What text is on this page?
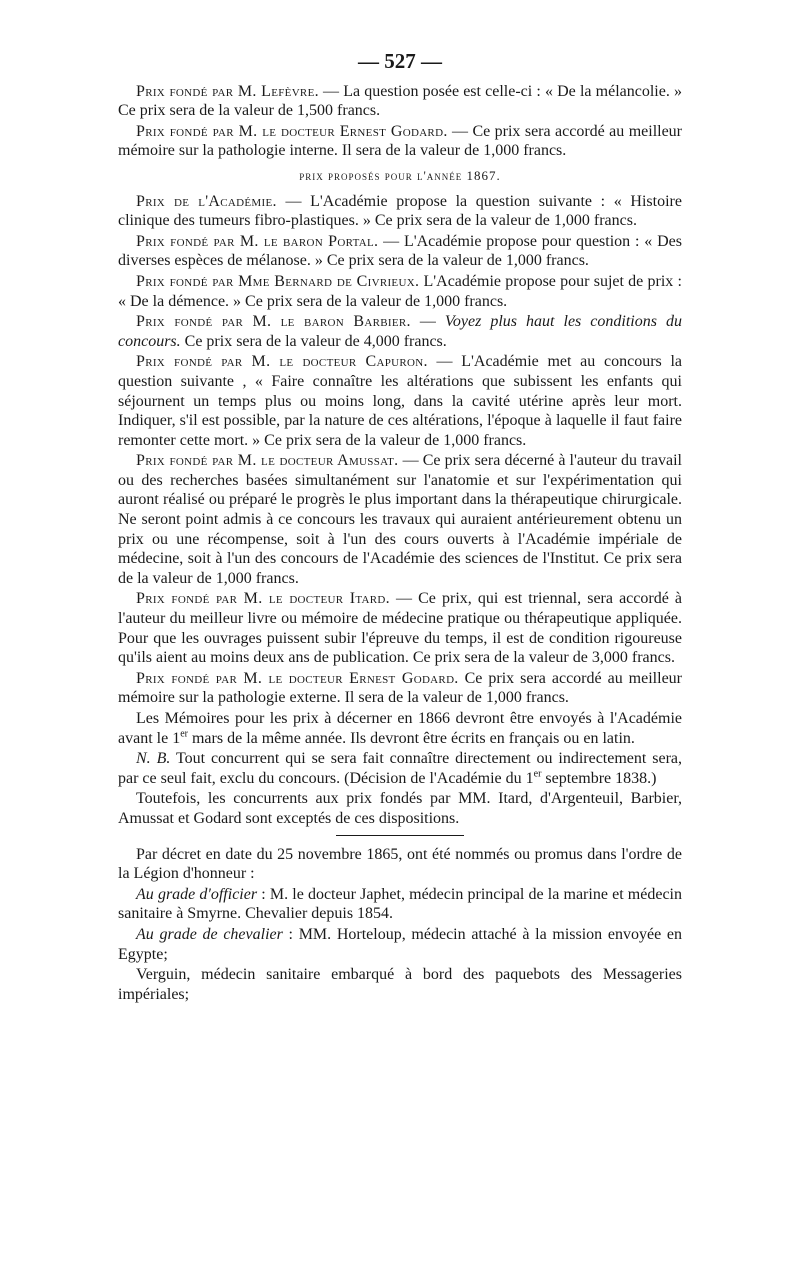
— 527 —

Prix fondé par M. Lefèvre. — La question posée est celle-ci : « De la mélancolie. » Ce prix sera de la valeur de 1,500 francs.

Prix fondé par M. le docteur Ernest Godard. — Ce prix sera accordé au meilleur mémoire sur la pathologie interne. Il sera de la valeur de 1,000 francs.

prix proposés pour l'année 1867.

Prix de l'Académie. — L'Académie propose la question suivante : « Histoire clinique des tumeurs fibro-plastiques. » Ce prix sera de la valeur de 1,000 francs.

Prix fondé par M. le baron Portal. — L'Académie propose pour question : « Des diverses espèces de mélanose. » Ce prix sera de la valeur de 1,000 francs.

Prix fondé par Mme Bernard de Civrieux. L'Académie propose pour sujet de prix : « De la démence. » Ce prix sera de la valeur de 1,000 francs.

Prix fondé par M. le baron Barbier. — Voyez plus haut les conditions du concours. Ce prix sera de la valeur de 4,000 francs.

Prix fondé par M. le docteur Capuron. — L'Académie met au concours la question suivante , « Faire connaître les altérations que subissent les enfants qui séjournent un temps plus ou moins long, dans la cavité utérine après leur mort. Indiquer, s'il est possible, par la nature de ces altérations, l'époque à laquelle il faut faire remonter cette mort. » Ce prix sera de la valeur de 1,000 francs.

Prix fondé par M. le docteur Amussat. — Ce prix sera décerné à l'auteur du travail ou des recherches basées simultanément sur l'anatomie et sur l'expérimentation qui auront réalisé ou préparé le progrès le plus important dans la thérapeutique chirurgicale. Ne seront point admis à ce concours les travaux qui auraient antérieurement obtenu un prix ou une récompense, soit à l'un des cours ouverts à l'Académie impériale de médecine, soit à l'un des concours de l'Académie des sciences de l'Institut. Ce prix sera de la valeur de 1,000 francs.

Prix fondé par M. le docteur Itard. — Ce prix, qui est triennal, sera accordé à l'auteur du meilleur livre ou mémoire de médecine pratique ou thérapeutique appliquée. Pour que les ouvrages puissent subir l'épreuve du temps, il est de condition rigoureuse qu'ils aient au moins deux ans de publication. Ce prix sera de la valeur de 3,000 francs.

Prix fondé par M. le docteur Ernest Godard. Ce prix sera accordé au meilleur mémoire sur la pathologie externe. Il sera de la valeur de 1,000 francs.

Les Mémoires pour les prix à décerner en 1866 devront être envoyés à l'Académie avant le 1er mars de la même année. Ils devront être écrits en français ou en latin.

N. B. Tout concurrent qui se sera fait connaître directement ou indirectement sera, par ce seul fait, exclu du concours. (Décision de l'Académie du 1er septembre 1838.)

Toutefois, les concurrents aux prix fondés par MM. Itard, d'Argenteuil, Barbier, Amussat et Godard sont exceptés de ces dispositions.

Par décret en date du 25 novembre 1865, ont été nommés ou promus dans l'ordre de la Légion d'honneur :

Au grade d'officier : M. le docteur Japhet, médecin principal de la marine et médecin sanitaire à Smyrne. Chevalier depuis 1854.

Au grade de chevalier : MM. Horteloup, médecin attaché à la mission envoyée en Egypte;

Verguin, médecin sanitaire embarqué à bord des paquebots des Messageries impériales;
